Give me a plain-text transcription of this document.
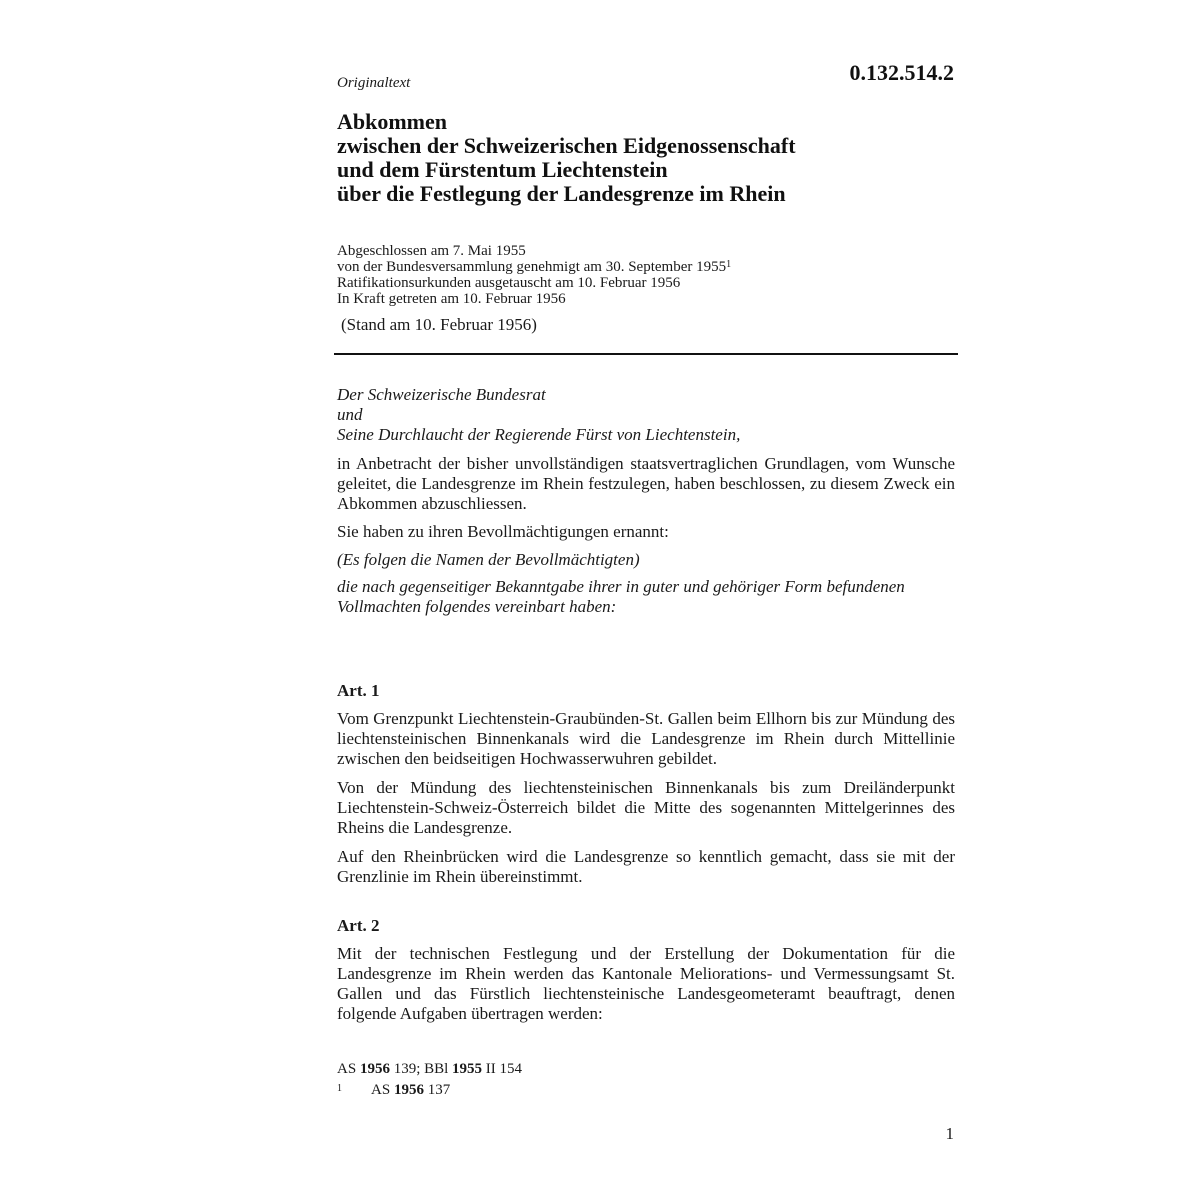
0.132.514.2
Originaltext
Abkommen
zwischen der Schweizerischen Eidgenossenschaft
und dem Fürstentum Liechtenstein
über die Festlegung der Landesgrenze im Rhein
Abgeschlossen am 7. Mai 1955
von der Bundesversammlung genehmigt am 30. September 1955$^1$
Ratifikationsurkunden ausgetauscht am 10. Februar 1956
In Kraft getreten am 10. Februar 1956
(Stand am 10. Februar 1956)
Der Schweizerische Bundesrat
und
Seine Durchlaucht der Regierende Fürst von Liechtenstein,

in Anbetracht der bisher unvollständigen staatsvertraglichen Grundlagen, vom Wunsche geleitet, die Landesgrenze im Rhein festzulegen, haben beschlossen, zu diesem Zweck ein Abkommen abzuschliessen.

Sie haben zu ihren Bevollmächtigungen ernannt:

(Es folgen die Namen der Bevollmächtigten)

die nach gegenseitiger Bekanntgabe ihrer in guter und gehöriger Form befundenen Vollmachten folgendes vereinbart haben:

Art. 1

Vom Grenzpunkt Liechtenstein-Graubünden-St. Gallen beim Ellhorn bis zur Mündung des liechtensteinischen Binnenkanals wird die Landesgrenze im Rhein durch Mittellinie zwischen den beidseitigen Hochwasserwuhren gebildet.

Von der Mündung des liechtensteinischen Binnenkanals bis zum Dreiländerpunkt Liechtenstein-Schweiz-Österreich bildet die Mitte des sogenannten Mittelgerinnes des Rheins die Landesgrenze.

Auf den Rheinbrücken wird die Landesgrenze so kenntlich gemacht, dass sie mit der Grenzlinie im Rhein übereinstimmt.

Art. 2

Mit der technischen Festlegung und der Erstellung der Dokumentation für die Landesgrenze im Rhein werden das Kantonale Meliorations- und Vermessungsamt St. Gallen und das Fürstlich liechtensteinische Landesgeometeramt beauftragt, denen folgende Aufgaben übertragen werden:

AS 1956 139; BBl 1955 II 154
1 AS 1956 137
1
